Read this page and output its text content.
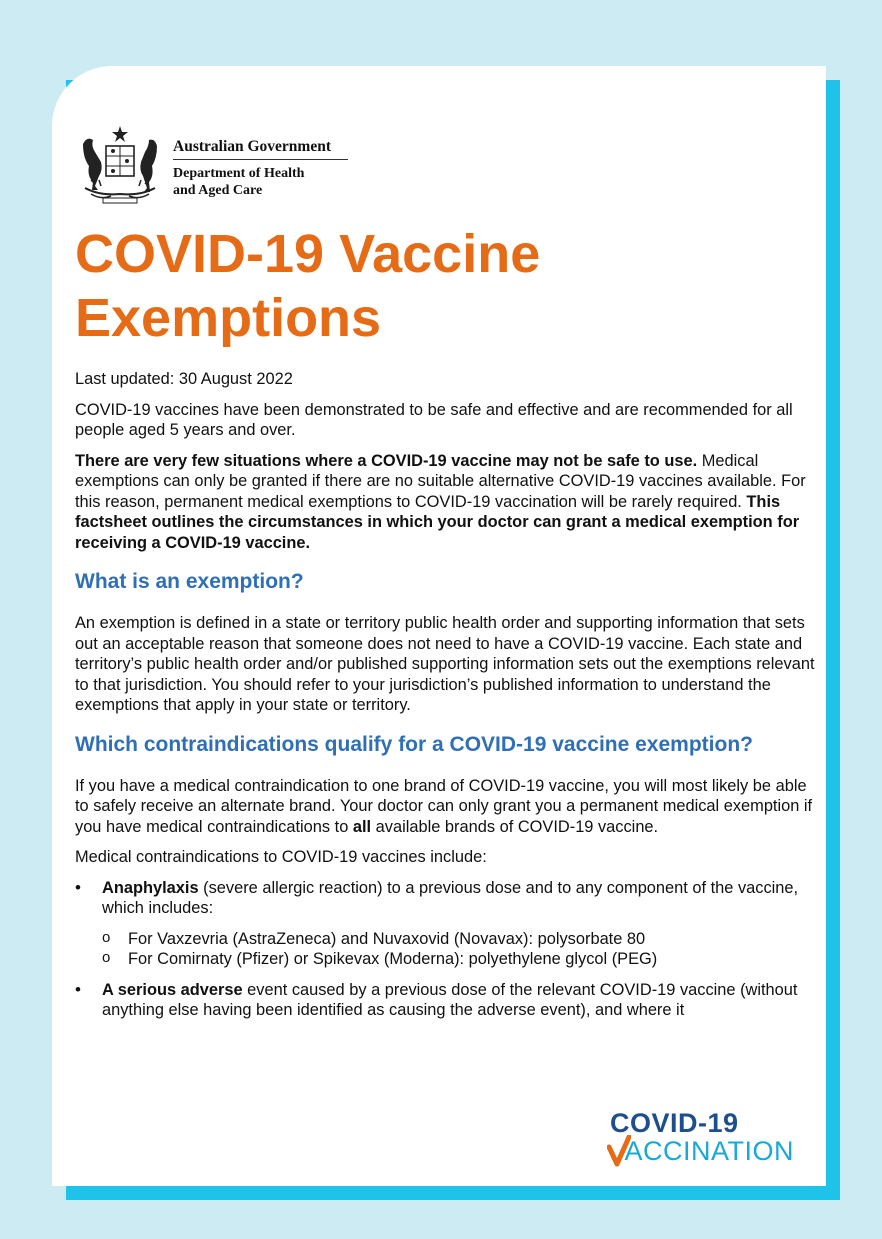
Australian Government
Department of Health
and Aged Care
COVID-19 Vaccine
Exemptions

Last updated: 30 August 2022

COVID-19 vaccines have been demonstrated to be safe and effective and are recommended for all people aged 5 years and over.

There are very few situations where a COVID-19 vaccine may not be safe to use. Medical exemptions can only be granted if there are no suitable alternative COVID-19 vaccines available. For this reason, permanent medical exemptions to COVID-19 vaccination will be rarely required. This factsheet outlines the circumstances in which your doctor can grant a medical exemption for receiving a COVID-19 vaccine.

What is an exemption?

An exemption is defined in a state or territory public health order and supporting information that sets out an acceptable reason that someone does not need to have a COVID-19 vaccine. Each state and territory’s public health order and/or published supporting information sets out the exemptions relevant to that jurisdiction. You should refer to your jurisdiction’s published information to understand the exemptions that apply in your state or territory.

Which contraindications qualify for a COVID-19 vaccine exemption?

If you have a medical contraindication to one brand of COVID-19 vaccine, you will most likely be able to safely receive an alternate brand. Your doctor can only grant you a permanent medical exemption if you have medical contraindications to all available brands of COVID-19 vaccine.

Medical contraindications to COVID-19 vaccines include:

• Anaphylaxis (severe allergic reaction) to a previous dose and to any component of the vaccine, which includes:
o For Vaxzevria (AstraZeneca) and Nuvaxovid (Novavax): polysorbate 80
o For Comirnaty (Pfizer) or Spikevax (Moderna): polyethylene glycol (PEG)
• A serious adverse event caused by a previous dose of the relevant COVID-19 vaccine (without anything else having been identified as causing the adverse event), and where it
COVID-19
ACCINATION
